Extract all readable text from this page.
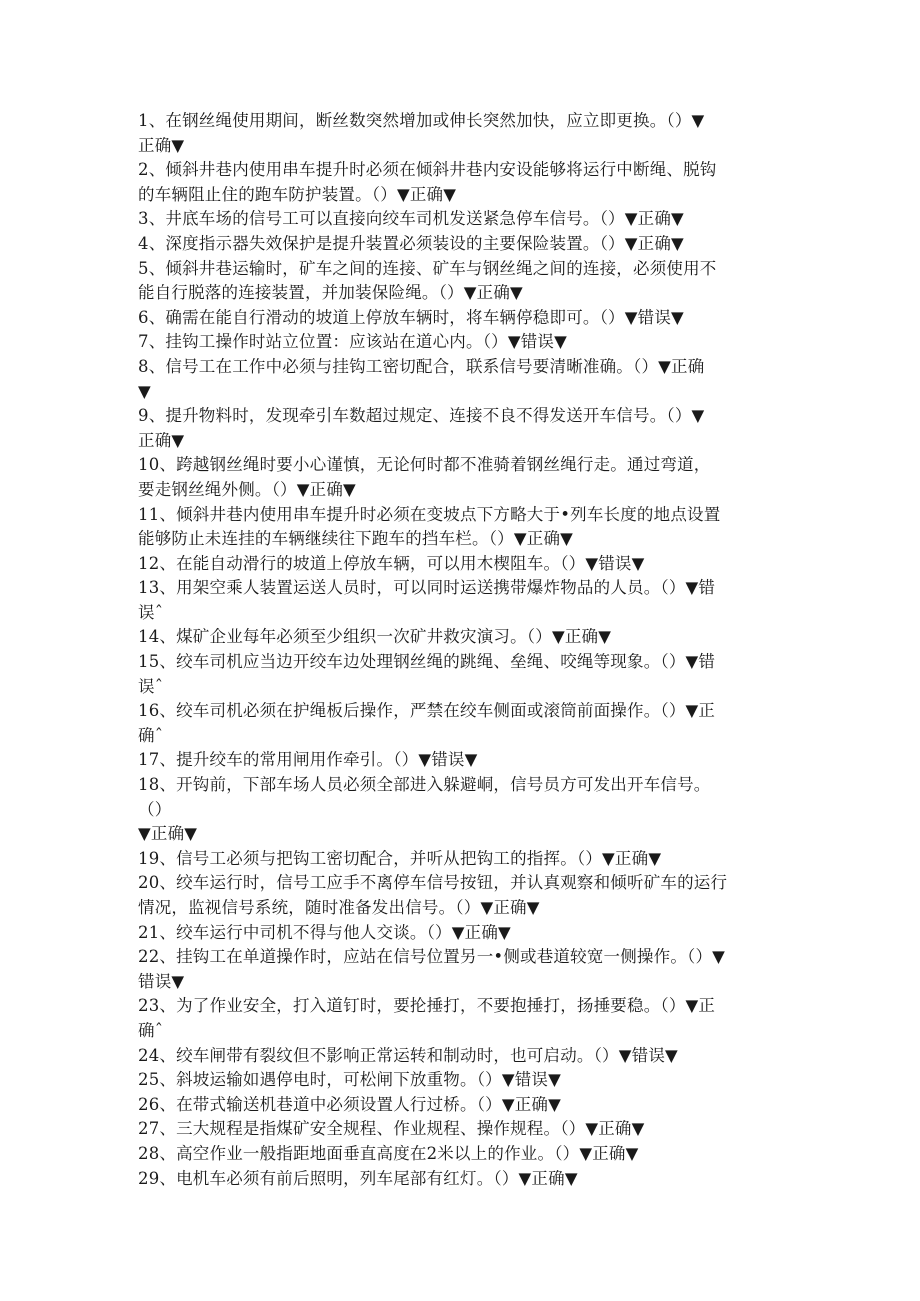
1、在钢丝绳使用期间，断丝数突然增加或伸长突然加快，应立即更换。（）▼
正确▼
2、倾斜井巷内使用串车提升时必须在倾斜井巷内安设能够将运行中断绳、脱钩
的车辆阻止住的跑车防护装置。（）▼正确▼
3、井底车场的信号工可以直接向绞车司机发送紧急停车信号。（）▼正确▼
4、深度指示器失效保护是提升装置必须装设的主要保险装置。（）▼正确▼
5、倾斜井巷运输时，矿车之间的连接、矿车与钢丝绳之间的连接，必须使用不
能自行脱落的连接装置，并加装保险绳。（）▼正确▼
6、确需在能自行滑动的坡道上停放车辆时，将车辆停稳即可。（）▼错误▼
7、挂钩工操作时站立位置：应该站在道心内。（）▼错误▼
8、信号工在工作中必须与挂钩工密切配合，联系信号要清晰准确。（）▼正确
▼
9、提升物料时，发现牵引车数超过规定、连接不良不得发送开车信号。（）▼
正确▼
10、跨越钢丝绳时要小心谨慎，无论何时都不准骑着钢丝绳行走。通过弯道，
要走钢丝绳外侧。（）▼正确▼
11、倾斜井巷内使用串车提升时必须在变坡点下方略大于•列车长度的地点设置
能够防止未连挂的车辆继续往下跑车的挡车栏。（）▼正确▼
12、在能自动滑行的坡道上停放车辆，可以用木楔阻车。（）▼错误▼
13、用架空乘人装置运送人员时，可以同时运送携带爆炸物品的人员。（）▼错
误ˆ
14、煤矿企业每年必须至少组织一次矿井救灾演习。（）▼正确▼
15、绞车司机应当边开绞车边处理钢丝绳的跳绳、垒绳、咬绳等现象。（）▼错
误ˆ
16、绞车司机必须在护绳板后操作，严禁在绞车侧面或滚筒前面操作。（）▼正
确ˆ
17、提升绞车的常用闸用作牵引。（）▼错误▼
18、开钩前，下部车场人员必须全部进入躲避峒，信号员方可发出开车信号。
（）
▼正确▼
19、信号工必须与把钩工密切配合，并听从把钩工的指挥。（）▼正确▼
20、绞车运行时，信号工应手不离停车信号按钮，并认真观察和倾听矿车的运行
情况，监视信号系统，随时准备发出信号。（）▼正确▼
21、绞车运行中司机不得与他人交谈。（）▼正确▼
22、挂钩工在单道操作时，应站在信号位置另一•侧或巷道较宽一侧操作。（）▼
错误▼
23、为了作业安全，打入道钉时，要抡捶打，不要抱捶打，扬捶要稳。（）▼正
确ˆ
24、绞车闸带有裂纹但不影响正常运转和制动时，也可启动。（）▼错误▼
25、斜坡运输如遇停电时，可松闸下放重物。（）▼错误▼
26、在带式输送机巷道中必须设置人行过桥。（）▼正确▼
27、三大规程是指煤矿安全规程、作业规程、操作规程。（）▼正确▼
28、高空作业一般指距地面垂直高度在2米以上的作业。（）▼正确▼
29、电机车必须有前后照明，列车尾部有红灯。（）▼正确▼
